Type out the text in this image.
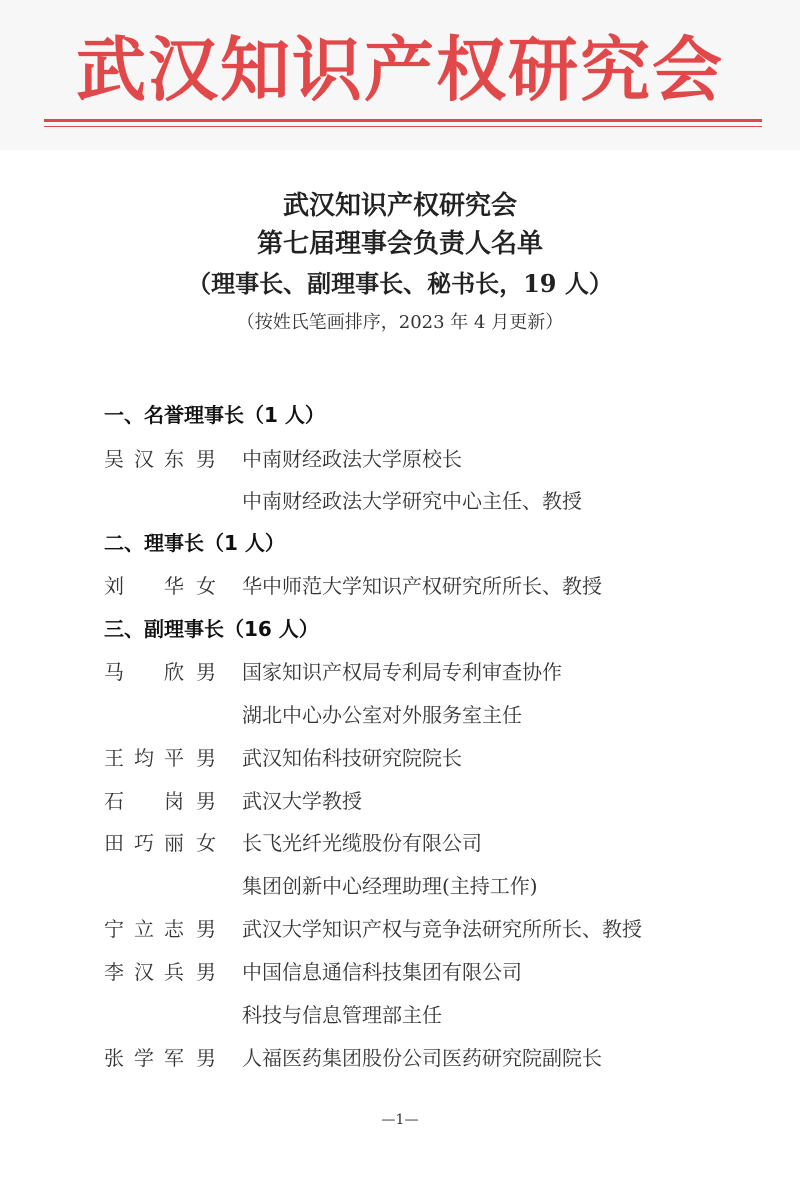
武汉知识产权研究会
武汉知识产权研究会
第七届理事会负责人名单
（理事长、副理事长、秘书长，19 人）
（按姓氏笔画排序，2023 年 4 月更新）
一、名誉理事长（1 人）
吴汉东 男 中南财经政法大学原校长
中南财经政法大学研究中心主任、教授
二、理事长（1 人）
刘 华 女 华中师范大学知识产权研究所所长、教授
三、副理事长（16 人）
马 欣 男 国家知识产权局专利局专利审查协作
湖北中心办公室对外服务室主任
王均平 男 武汉知佑科技研究院院长
石 岗 男 武汉大学教授
田巧丽 女 长飞光纤光缆股份有限公司
集团创新中心经理助理(主持工作)
宁立志 男 武汉大学知识产权与竞争法研究所所长、教授
李汉兵 男 中国信息通信科技集团有限公司
科技与信息管理部主任
张学军 男 人福医药集团股份公司医药研究院副院长
—1—
